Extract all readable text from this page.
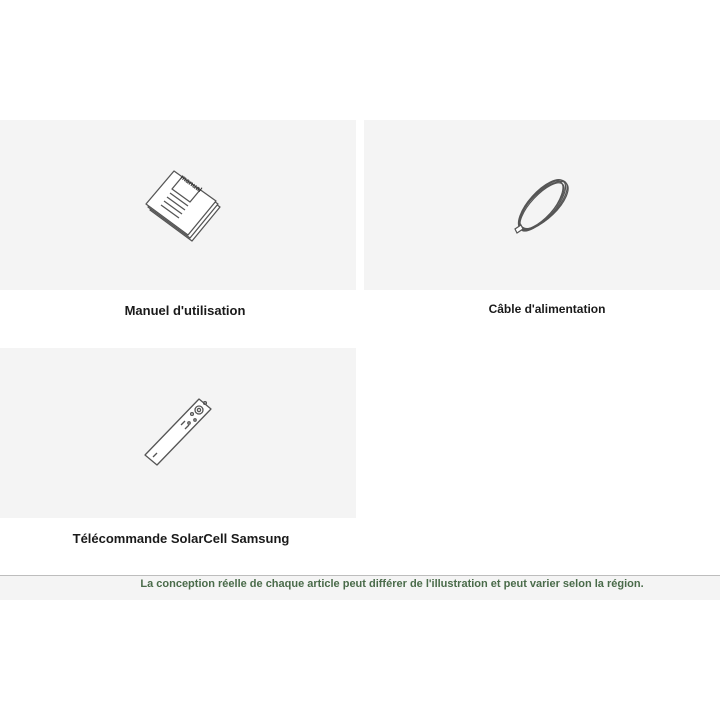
manual
Manuel d'utilisation	Câble d'alimentation
Télécommande SolarCell Samsung
La conception réelle de chaque article peut différer de l'illustration et peut varier selon la région.
